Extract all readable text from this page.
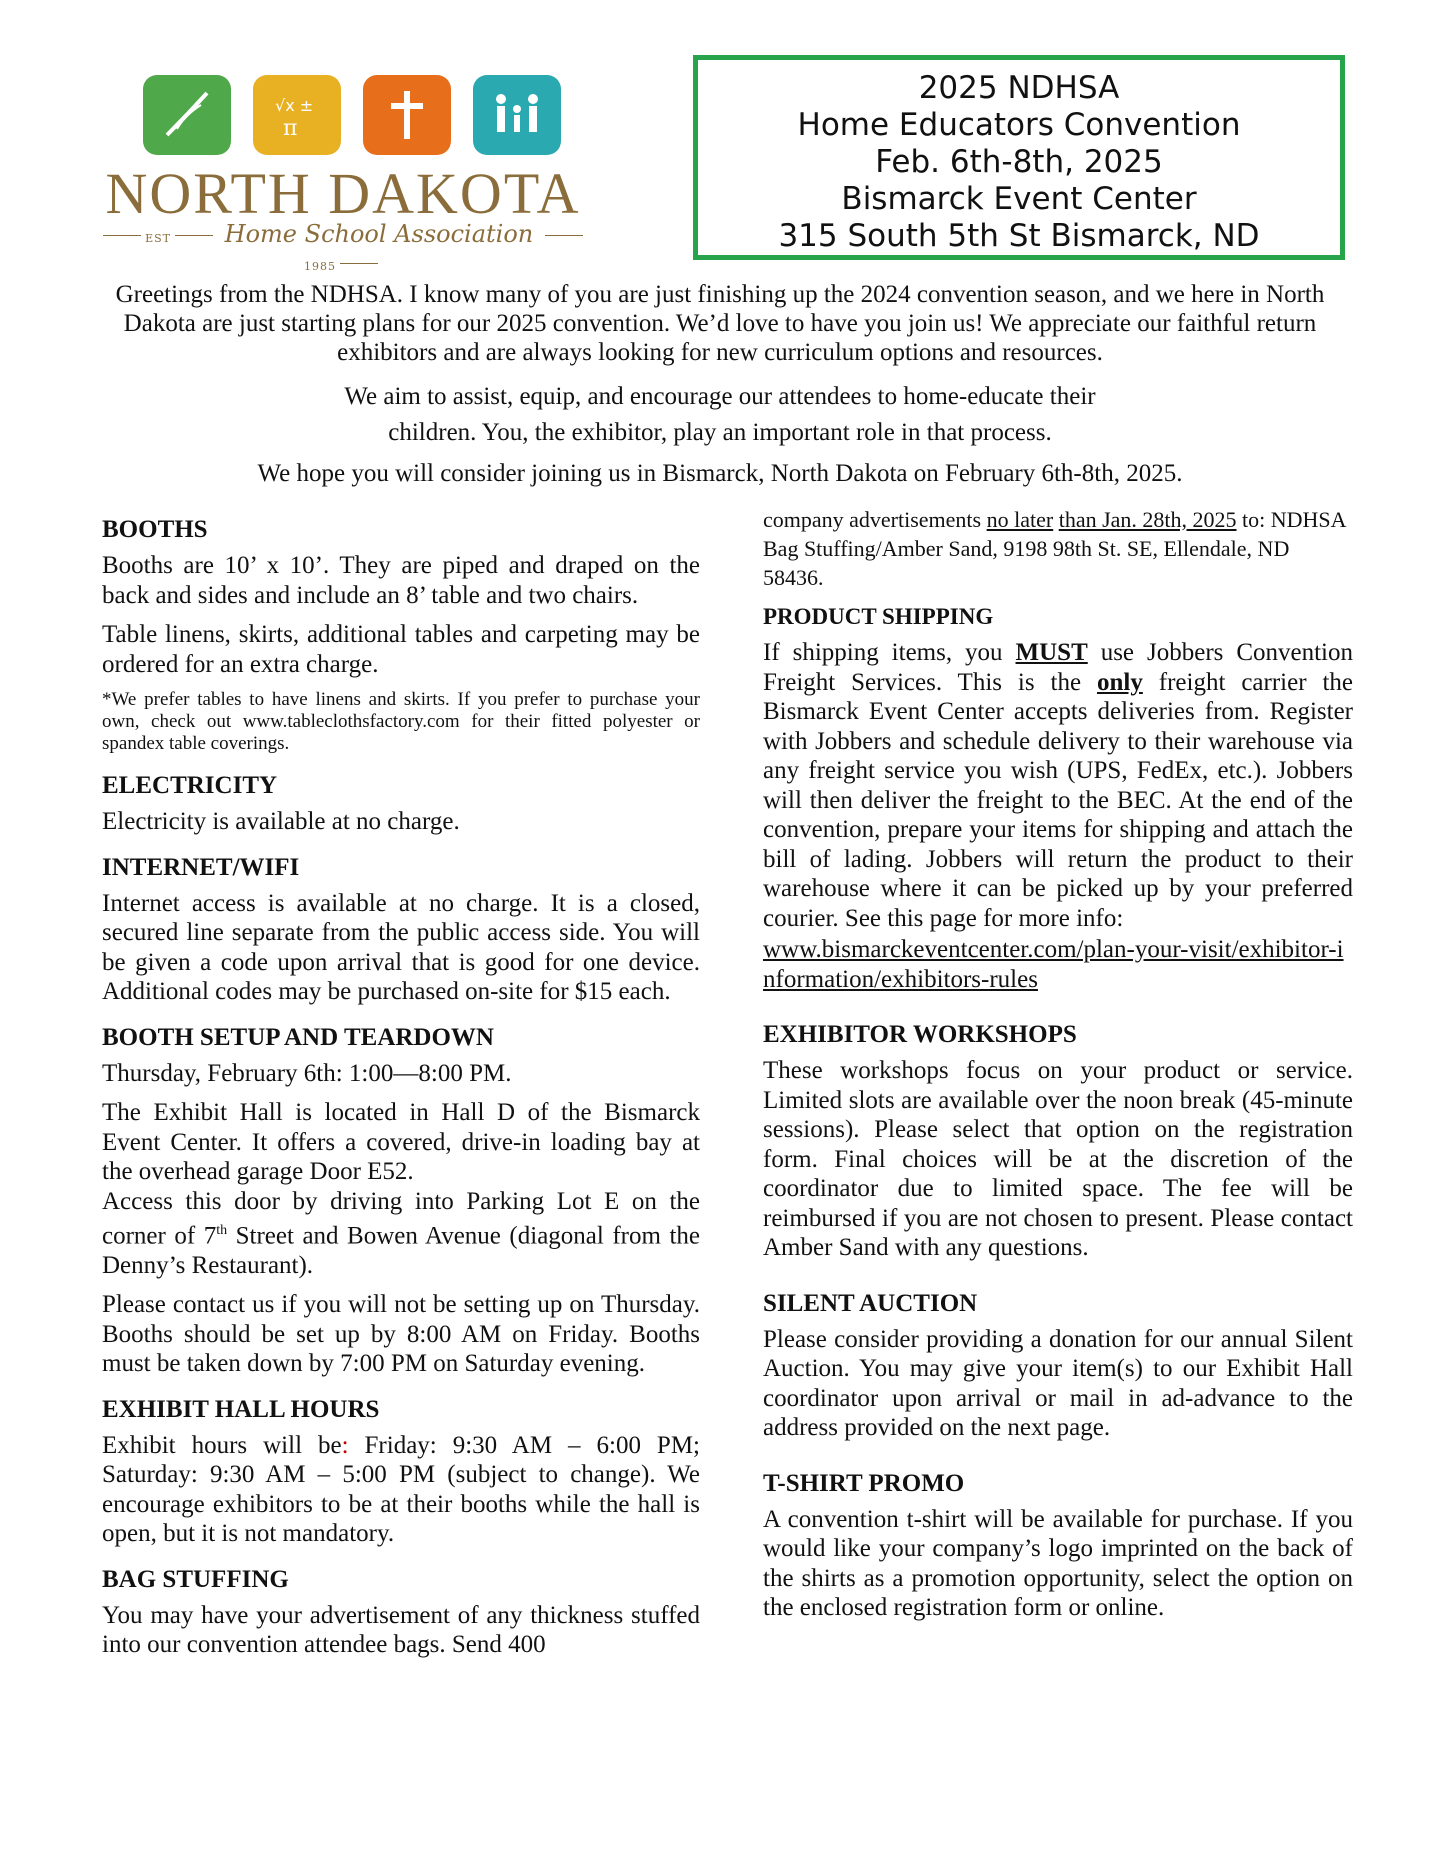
√x ±
π
NORTH DAKOTA
EST Home School Association 1985
2025 NDHSA
Home Educators Convention
Feb. 6th-8th, 2025
Bismarck Event Center
315 South 5th St Bismarck, ND

Greetings from the NDHSA. I know many of you are just finishing up the 2024 convention season, and we here in North Dakota are just starting plans for our 2025 convention. We’d love to have you join us! We appreciate our faithful return exhibitors and are always looking for new curriculum options and resources.

We aim to assist, equip, and encourage our attendees to home-educate their
children. You, the exhibitor, play an important role in that process.

We hope you will consider joining us in Bismarck, North Dakota on February 6th-8th, 2025.

BOOTHS

Booths are 10’ x 10’. They are piped and draped on the back and sides and include an 8’ table and two chairs.

Table linens, skirts, additional tables and carpeting may be ordered for an extra charge.

*We prefer tables to have linens and skirts. If you prefer to purchase your own, check out www.tableclothsfactory.com for their fitted polyester or spandex table coverings.

ELECTRICITY

Electricity is available at no charge.

INTERNET/WIFI

Internet access is available at no charge. It is a closed, secured line separate from the public access side. You will be given a code upon arrival that is good for one device. Additional codes may be purchased on-site for $15 each.

BOOTH SETUP AND TEARDOWN

Thursday, February 6th: 1:00—8:00 PM.

The Exhibit Hall is located in Hall D of the Bismarck Event Center. It offers a covered, drive-in loading bay at the overhead garage Door E52.

Access this door by driving into Parking Lot E on the corner of 7th Street and Bowen Avenue (diagonal from the Denny’s Restaurant).

Please contact us if you will not be setting up on Thursday. Booths should be set up by 8:00 AM on Friday. Booths must be taken down by 7:00 PM on Saturday evening.

EXHIBIT HALL HOURS

Exhibit hours will be: Friday: 9:30 AM – 6:00 PM; Saturday: 9:30 AM – 5:00 PM (subject to change). We encourage exhibitors to be at their booths while the hall is open, but it is not mandatory.

BAG STUFFING

You may have your advertisement of any thickness stuffed into our convention attendee bags. Send 400

company advertisements no later than Jan. 28th, 2025 to: NDHSA Bag Stuffing/Amber Sand, 9198 98th St. SE, Ellendale, ND 58436.

PRODUCT SHIPPING

If shipping items, you MUST use Jobbers Convention Freight Services. This is the only freight carrier the Bismarck Event Center accepts deliveries from. Register with Jobbers and schedule delivery to their warehouse via any freight service you wish (UPS, FedEx, etc.). Jobbers will then deliver the freight to the BEC. At the end of the convention, prepare your items for shipping and attach the bill of lading. Jobbers will return the product to their warehouse where it can be picked up by your preferred courier. See this page for more info:

www.bismarckeventcenter.com/plan-your-visit/exhibitor-information/exhibitors-rules

EXHIBITOR WORKSHOPS

These workshops focus on your product or service. Limited slots are available over the noon break (45-minute sessions). Please select that option on the registration form. Final choices will be at the discretion of the coordinator due to limited space. The fee will be reimbursed if you are not chosen to present. Please contact Amber Sand with any questions.

SILENT AUCTION

Please consider providing a donation for our annual Silent Auction. You may give your item(s) to our Exhibit Hall coordinator upon arrival or mail in ad-advance to the address provided on the next page.

T-SHIRT PROMO

A convention t-shirt will be available for purchase. If you would like your company’s logo imprinted on the back of the shirts as a promotion opportunity, select the option on the enclosed registration form or online.
